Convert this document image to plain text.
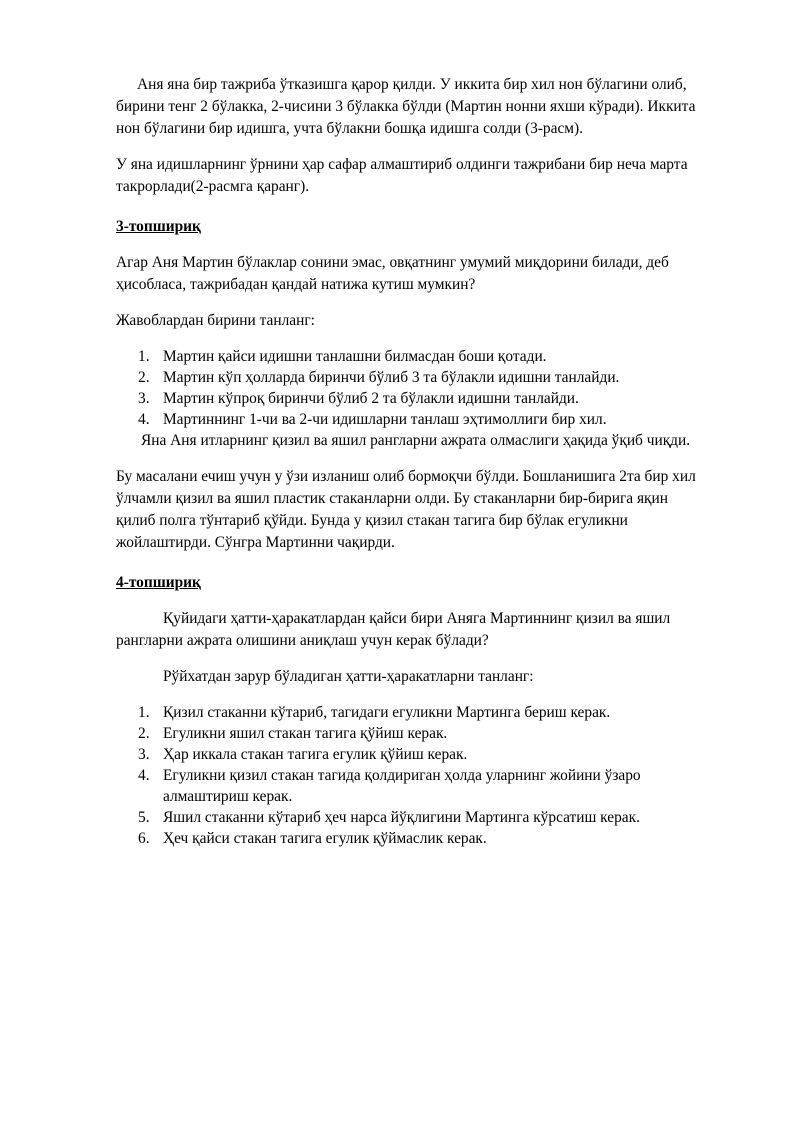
Аня яна бир тажриба ўтказишга қарор қилди. У иккита бир хил нон бўлагини олиб, бирини тенг 2 бўлакка, 2-чисини 3 бўлакка бўлди (Мартин нонни яхши кўради). Иккита нон бўлагини бир идишга, учта бўлакни бошқа идишга солди (3-расм).

У яна идишларнинг ўрнини ҳар сафар алмаштириб олдинги тажрибани бир неча марта такрорлади(2-расмга қаранг).

3-топшириқ

Агар Аня Мартин бўлаклар сонини эмас, овқатнинг умумий миқдорини билади, деб ҳисобласа, тажрибадан қандай натижа кутиш мумкин?

Жавоблардан бирини танланг:

1. Мартин қайси идишни танлашни билмасдан боши қотади.
2. Мартин кўп ҳолларда биринчи бўлиб 3 та бўлакли идишни танлайди.
3. Мартин кўпроқ биринчи бўлиб 2 та бўлакли идишни танлайди.
4. Мартиннинг 1-чи ва 2-чи идишларни танлаш эҳтимоллиги бир хил.

Яна Аня итларнинг қизил ва яшил рангларни ажрата олмаслиги ҳақида ўқиб чиқди.

Бу масалани ечиш учун у ўзи изланиш олиб бормоқчи бўлди. Бошланишига 2та бир хил ўлчамли қизил ва яшил пластик стаканларни олди. Бу стаканларни бир-бирига яқин қилиб полга тўнтариб қўйди. Бунда у қизил стакан тагига бир бўлак егуликни жойлаштирди. Сўнгра Мартинни чақирди.

4-топшириқ

Қуйидаги ҳатти-ҳаракатлардан қайси бири Аняга Мартиннинг қизил ва яшил рангларни ажрата олишини аниқлаш учун керак бўлади?

Рўйхатдан зарур бўладиган ҳатти-ҳаракатларни танланг:

1. Қизил стаканни кўтариб, тагидаги егуликни Мартинга бериш керак.
2. Егуликни яшил стакан тагига қўйиш керак.
3. Ҳар иккала стакан тагига егулик қўйиш керак.
4. Егуликни қизил стакан тагида қолдириган ҳолда уларнинг жойини ўзаро алмаштириш керак.
5. Яшил стаканни кўтариб ҳеч нарса йўқлигини Мартинга кўрсатиш керак.
6. Ҳеч қайси стакан тагига егулик қўймаслик керак.
